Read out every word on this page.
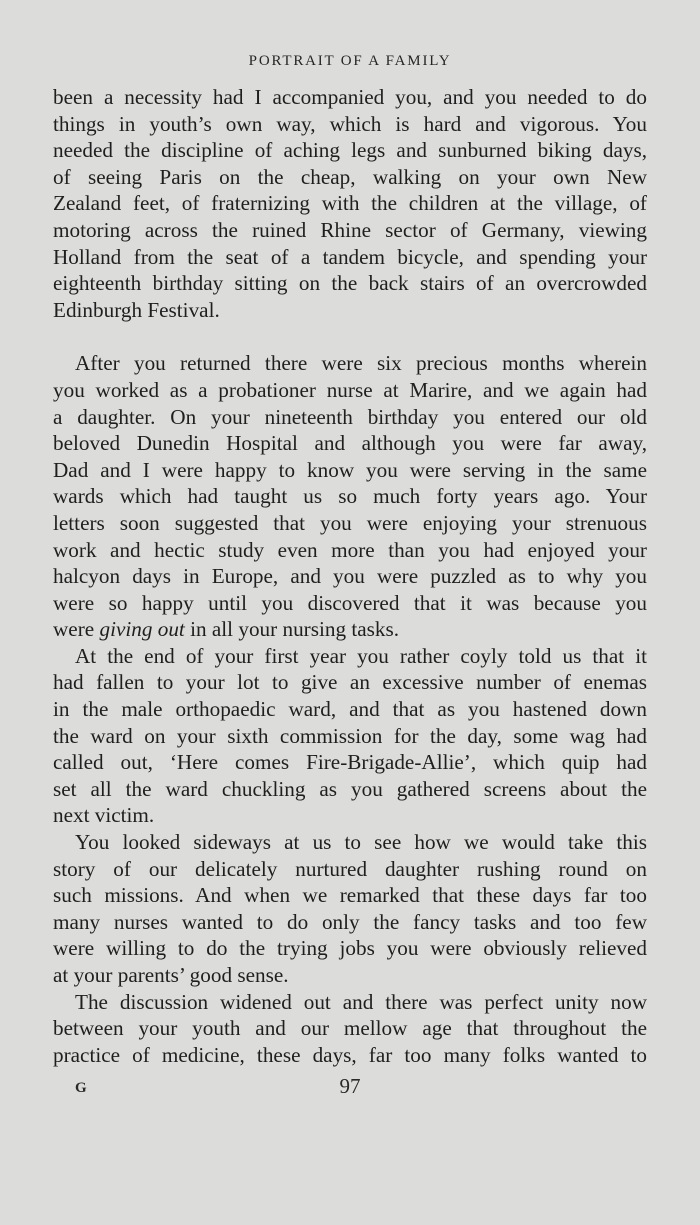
PORTRAIT OF A FAMILY
been a necessity had I accompanied you, and you needed to do
things in youth’s own way, which is hard and vigorous. You
needed the discipline of aching legs and sunburned biking days,
of seeing Paris on the cheap, walking on your own New
Zealand feet, of fraternizing with the children at the village, of
motoring across the ruined Rhine sector of Germany, viewing
Holland from the seat of a tandem bicycle, and spending your
eighteenth birthday sitting on the back stairs of an overcrowded
Edinburgh Festival.
After you returned there were six precious months wherein
you worked as a probationer nurse at Marire, and we again had
a daughter. On your nineteenth birthday you entered our old
beloved Dunedin Hospital and although you were far away,
Dad and I were happy to know you were serving in the same
wards which had taught us so much forty years ago. Your
letters soon suggested that you were enjoying your strenuous
work and hectic study even more than you had enjoyed your
halcyon days in Europe, and you were puzzled as to why you
were so happy until you discovered that it was because you
were giving out in all your nursing tasks.
At the end of your first year you rather coyly told us that it
had fallen to your lot to give an excessive number of enemas
in the male orthopaedic ward, and that as you hastened down
the ward on your sixth commission for the day, some wag had
called out, ‘Here comes Fire-Brigade-Allie’, which quip had
set all the ward chuckling as you gathered screens about the
next victim.
You looked sideways at us to see how we would take this
story of our delicately nurtured daughter rushing round on
such missions. And when we remarked that these days far too
many nurses wanted to do only the fancy tasks and too few
were willing to do the trying jobs you were obviously relieved
at your parents’ good sense.
The discussion widened out and there was perfect unity now
between your youth and our mellow age that throughout the
practice of medicine, these days, far too many folks wanted to
G	97
